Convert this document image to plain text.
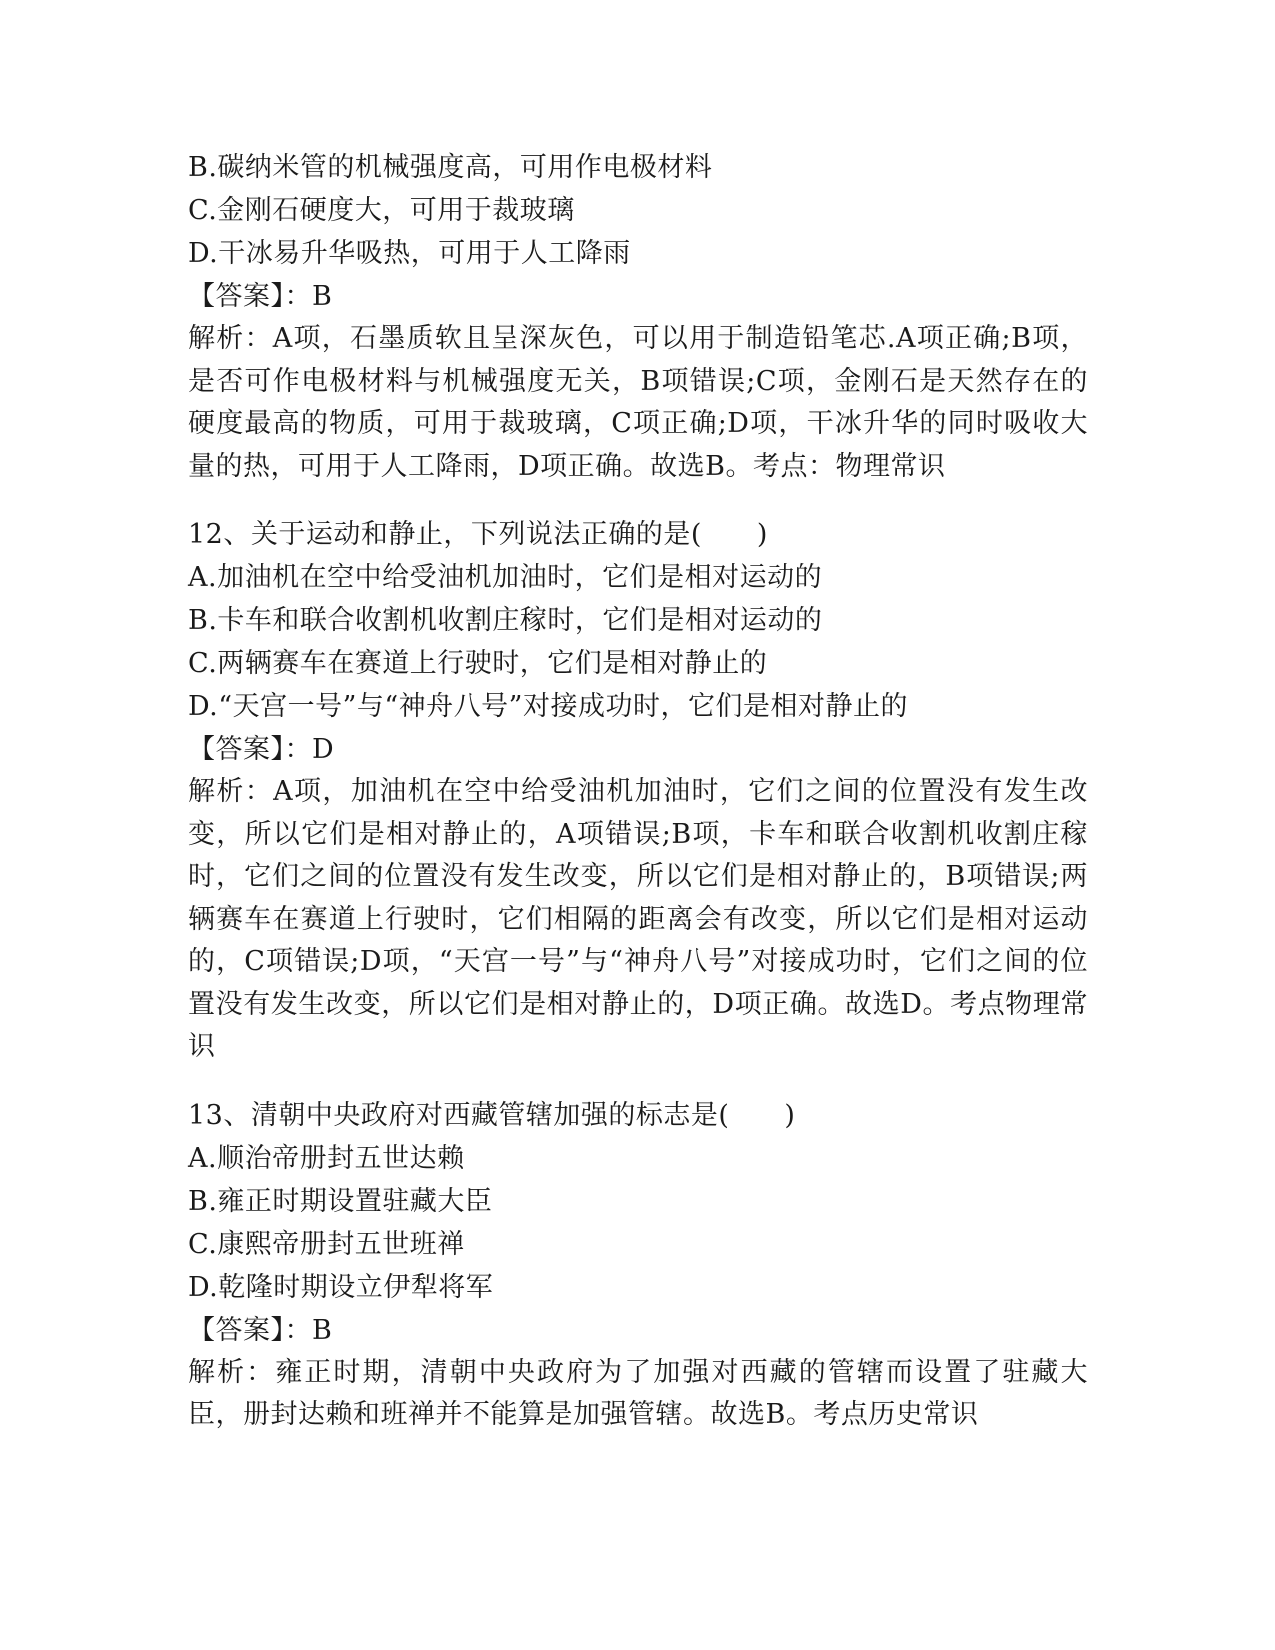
B.碳纳米管的机械强度高，可用作电极材料
C.金刚石硬度大，可用于裁玻璃
D.干冰易升华吸热，可用于人工降雨
【答案】：B
解析：A项，石墨质软且呈深灰色，可以用于制造铅笔芯.A项正确;B项，是否可作电极材料与机械强度无关，B项错误;C项，金刚石是天然存在的硬度最高的物质，可用于裁玻璃，C项正确;D项，干冰升华的同时吸收大量的热，可用于人工降雨，D项正确。故选B。考点：物理常识
12、关于运动和静止，下列说法正确的是(　　)
A.加油机在空中给受油机加油时，它们是相对运动的
B.卡车和联合收割机收割庄稼时，它们是相对运动的
C.两辆赛车在赛道上行驶时，它们是相对静止的
D.“天宫一号”与“神舟八号”对接成功时，它们是相对静止的
【答案】：D
解析：A项，加油机在空中给受油机加油时，它们之间的位置没有发生改变，所以它们是相对静止的，A项错误;B项，卡车和联合收割机收割庄稼时，它们之间的位置没有发生改变，所以它们是相对静止的，B项错误;两辆赛车在赛道上行驶时，它们相隔的距离会有改变，所以它们是相对运动的，C项错误;D项，“天宫一号”与“神舟八号”对接成功时，它们之间的位置没有发生改变，所以它们是相对静止的，D项正确。故选D。考点物理常识
13、清朝中央政府对西藏管辖加强的标志是(　　)
A.顺治帝册封五世达赖
B.雍正时期设置驻藏大臣
C.康熙帝册封五世班禅
D.乾隆时期设立伊犁将军
【答案】：B
解析：雍正时期，清朝中央政府为了加强对西藏的管辖而设置了驻藏大臣，册封达赖和班禅并不能算是加强管辖。故选B。考点历史常识
